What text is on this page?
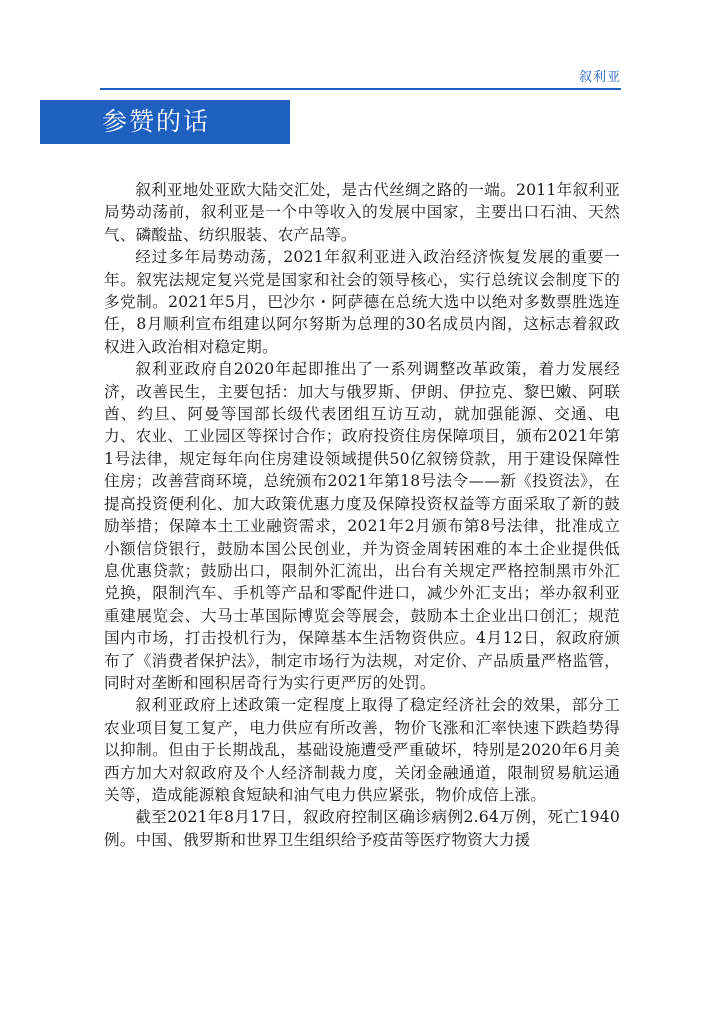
叙利亚
参赞的话

叙利亚地处亚欧大陆交汇处，是古代丝绸之路的一端。2011年叙利亚局势动荡前，叙利亚是一个中等收入的发展中国家，主要出口石油、天然气、磷酸盐、纺织服装、农产品等。

经过多年局势动荡，2021年叙利亚进入政治经济恢复发展的重要一年。叙宪法规定复兴党是国家和社会的领导核心，实行总统议会制度下的多党制。2021年5月，巴沙尔・阿萨德在总统大选中以绝对多数票胜选连任，8月顺利宣布组建以阿尔努斯为总理的30名成员内阁，这标志着叙政权进入政治相对稳定期。

叙利亚政府自2020年起即推出了一系列调整改革政策，着力发展经济，改善民生，主要包括：加大与俄罗斯、伊朗、伊拉克、黎巴嫩、阿联酋、约旦、阿曼等国部长级代表团组互访互动，就加强能源、交通、电力、农业、工业园区等探讨合作；政府投资住房保障项目，颁布2021年第1号法律，规定每年向住房建设领域提供50亿叙镑贷款，用于建设保障性住房；改善营商环境，总统颁布2021年第18号法令——新《投资法》，在提高投资便利化、加大政策优惠力度及保障投资权益等方面采取了新的鼓励举措；保障本土工业融资需求，2021年2月颁布第8号法律，批准成立小额信贷银行，鼓励本国公民创业，并为资金周转困难的本土企业提供低息优惠贷款；鼓励出口，限制外汇流出，出台有关规定严格控制黑市外汇兑换，限制汽车、手机等产品和零配件进口，减少外汇支出；举办叙利亚重建展览会、大马士革国际博览会等展会，鼓励本土企业出口创汇；规范国内市场，打击投机行为，保障基本生活物资供应。4月12日，叙政府颁布了《消费者保护法》，制定市场行为法规，对定价、产品质量严格监管，同时对垄断和囤积居奇行为实行更严厉的处罚。

叙利亚政府上述政策一定程度上取得了稳定经济社会的效果，部分工农业项目复工复产，电力供应有所改善，物价飞涨和汇率快速下跌趋势得以抑制。但由于长期战乱，基础设施遭受严重破坏，特别是2020年6月美西方加大对叙政府及个人经济制裁力度，关闭金融通道，限制贸易航运通关等，造成能源粮食短缺和油气电力供应紧张，物价成倍上涨。

截至2021年8月17日，叙政府控制区确诊病例2.64万例，死亡1940例。中国、俄罗斯和世界卫生组织给予疫苗等医疗物资大力援
